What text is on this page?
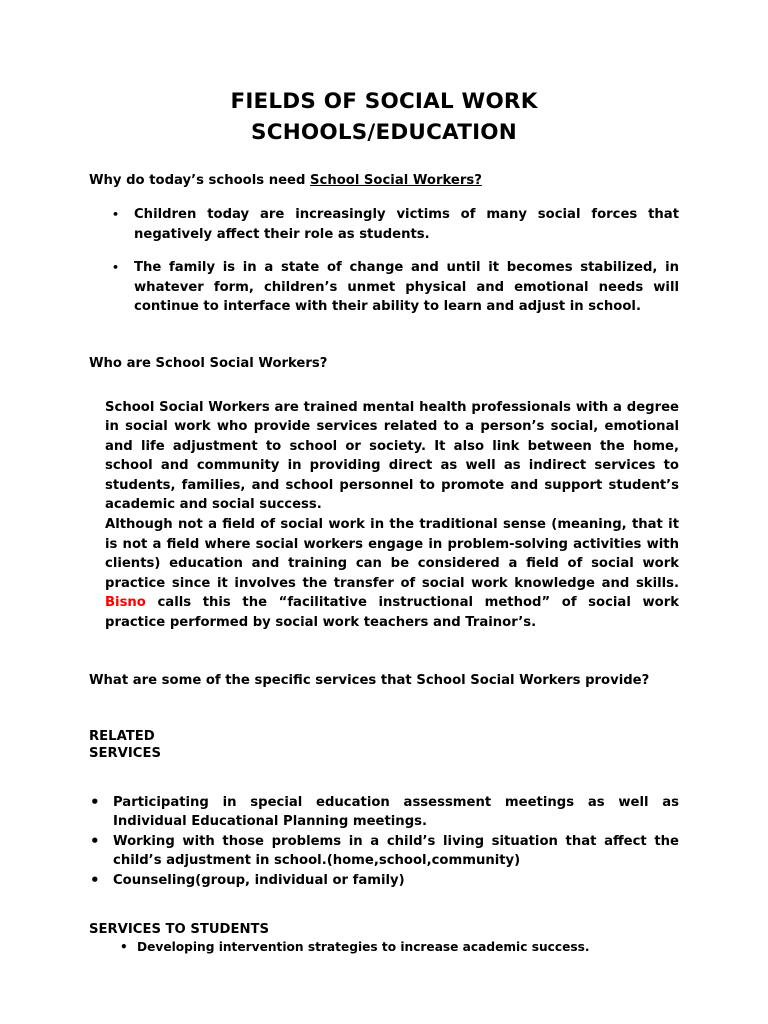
FIELDS OF SOCIAL WORK
SCHOOLS/EDUCATION

Why do today’s schools need School Social Workers?

• Children today are increasingly victims of many social forces that negatively affect their role as students.
• The family is in a state of change and until it becomes stabilized, in whatever form, children’s unmet physical and emotional needs will continue to interface with their ability to learn and adjust in school.

Who are School Social Workers?

School Social Workers are trained mental health professionals with a degree in social work who provide services related to a person’s social, emotional and life adjustment to school or society. It also link between the home, school and community in providing direct as well as indirect services to students, families, and school personnel to promote and support student’s academic and social success.

Although not a field of social work in the traditional sense (meaning, that it is not a field where social workers engage in problem-solving activities with clients) education and training can be considered a field of social work practice since it involves the transfer of social work knowledge and skills. Bisno calls this the “facilitative instructional method” of social work practice performed by social work teachers and Trainor’s.

What are some of the specific services that School Social Workers provide?

RELATED

SERVICES

• Participating in special education assessment meetings as well as Individual Educational Planning meetings.
• Working with those problems in a child’s living situation that affect the child’s adjustment in school.(home,school,community)
• Counseling(group, individual or family)

SERVICES TO STUDENTS

• Developing intervention strategies to increase academic success.
